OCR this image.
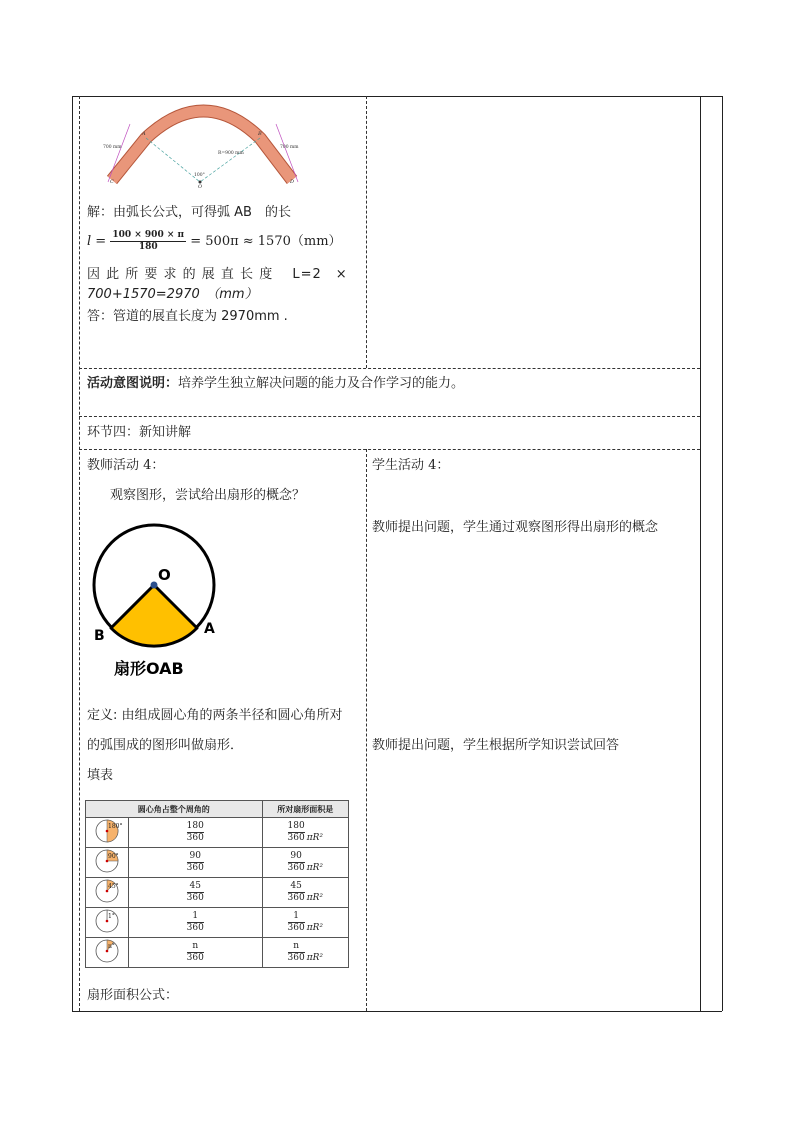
700 mm	700 mm
R=900 mm
100°
O
A	B
C	D
解：由弧长公式，可得弧 AB　的长
$l = \frac{100 \times 900 \times \pi}{180} = 500\pi \approx 1570(mm)$
因 此 所 要 求 的 展 直 长 度　 L=2　×
700+1570=2970　（mm）
答：管道的展直长度为 2970mm .
活动意图说明：培养学生独立解决问题的能力及合作学习的能力。
环节四：新知讲解
教师活动 4：
观察图形，尝试给出扇形的概念？
O
B	A
扇形OAB
定义: 由组成圆心角的两条半径和圆心角所对
的弧围成的图形叫做扇形．
填表
圆心角占整个周角的		所对扇形面积是

180°	$\frac{180}{360}$	$\frac{180}{360} \pi R^2$

90°	$\frac{90}{360}$	$\frac{90}{360} \pi R^2$

45°	$\frac{45}{360}$	$\frac{45}{360} \pi R^2$

1°	$\frac{1}{360}$	$\frac{1}{360} \pi R^2$

n°	$\frac{n}{360}$	$\frac{n}{360} \pi R^2$
扇形面积公式：
学生活动 4：
教师提出问题，学生通过观察图形得出扇形的概念
教师提出问题，学生根据所学知识尝试回答
